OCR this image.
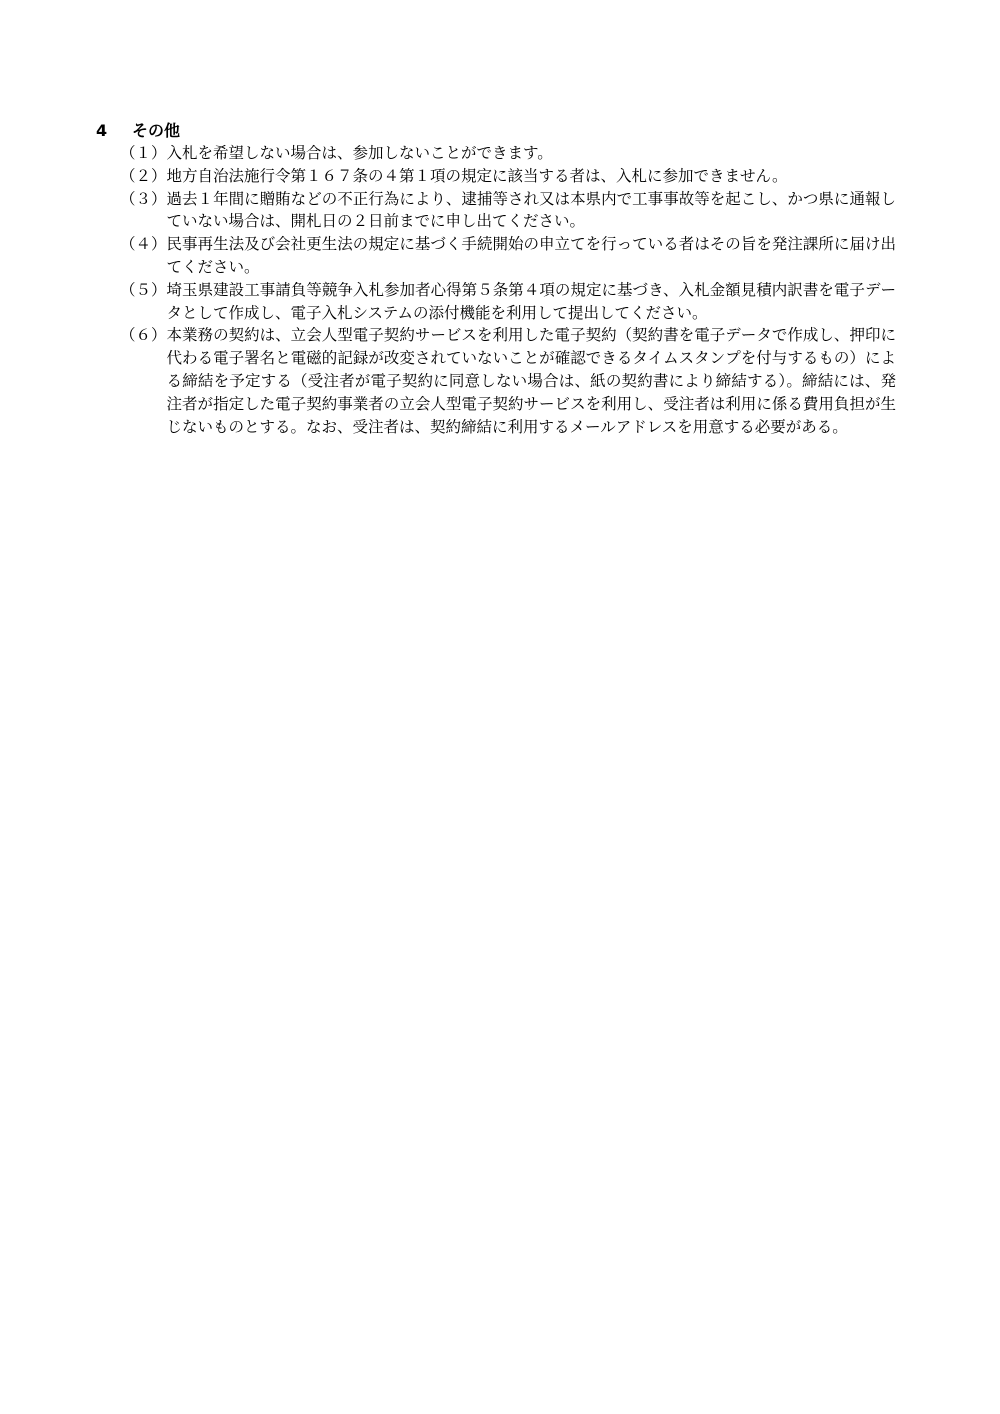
4 その他
（１） 入札を希望しない場合は、参加しないことができます。
（２） 地方自治法施行令第１６７条の４第１項の規定に該当する者は、入札に参加できません。
（３） 過去１年間に贈賄などの不正行為により、逮捕等され又は本県内で工事事故等を起こし、かつ県に通報していない場合は、開札日の２日前までに申し出てください。
（４） 民事再生法及び会社更生法の規定に基づく手続開始の申立てを行っている者はその旨を発注課所に届け出てください。
（５） 埼玉県建設工事請負等競争入札参加者心得第５条第４項の規定に基づき、入札金額見積内訳書を電子データとして作成し、電子入札システムの添付機能を利用して提出してください。
（６） 本業務の契約は、立会人型電子契約サービスを利用した電子契約（契約書を電子データで作成し、押印に代わる電子署名と電磁的記録が改変されていないことが確認できるタイムスタンプを付与するもの）による締結を予定する（受注者が電子契約に同意しない場合は、紙の契約書により締結する）。締結には、発注者が指定した電子契約事業者の立会人型電子契約サービスを利用し、受注者は利用に係る費用負担が生じないものとする。なお、受注者は、契約締結に利用するメールアドレスを用意する必要がある。
